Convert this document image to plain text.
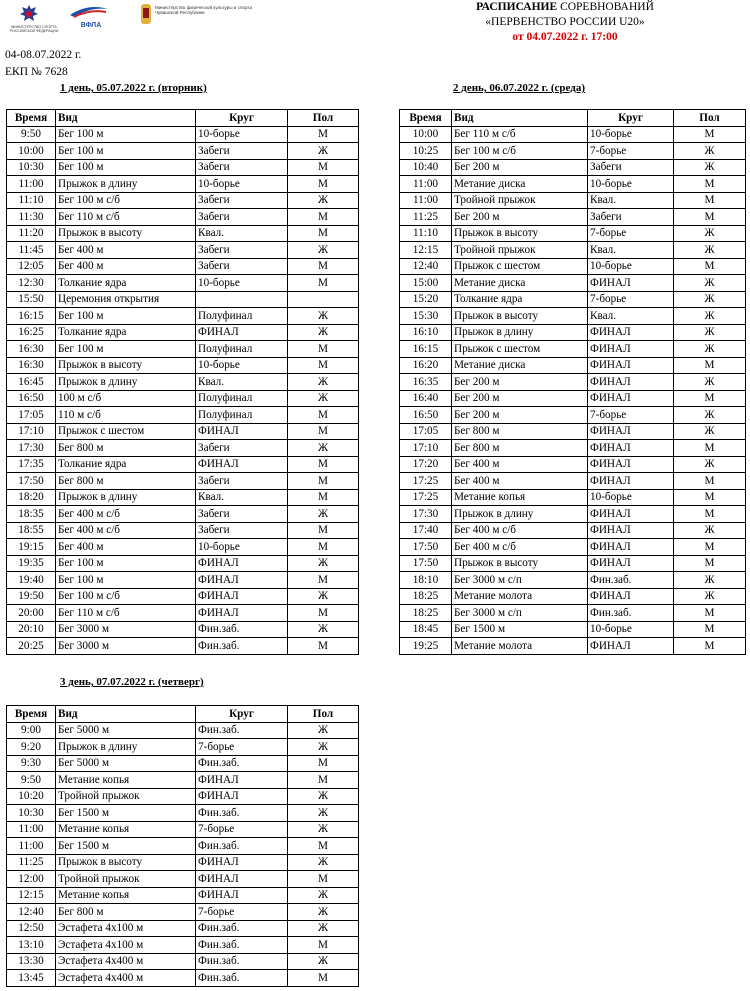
МИНИСТЕРСТВО СПОРТА РОССИЙСКОЙ ФЕДЕРАЦИИ
ВФЛА
Министерство физической культуры и спорта Чувашской Республики	РАСПИСАНИЕ СОРЕВНОВАНИЙ
«ПЕРВЕНСТВО РОССИИ U20»
от 04.07.2022 г. 17:00
04-08.07.2022 г.
ЕКП № 7628
1 день, 05.07.2022 г. (вторник)	2 день, 06.07.2022 г. (среда)
3 день, 07.07.2022 г. (четверг)
Время	Вид	Круг	Пол
9:50	Бег 100 м	10-борье	М
10:00	Бег 100 м	Забеги	Ж
10:30	Бег 100 м	Забеги	М
11:00	Прыжок в длину	10-борье	М
11:10	Бег 100 м с/б	Забеги	Ж
11:30	Бег 110 м с/б	Забеги	М
11:20	Прыжок в высоту	Квал.	М
11:45	Бег 400 м	Забеги	Ж
12:05	Бег 400 м	Забеги	М
12:30	Толкание ядра	10-борье	М
15:50	Церемония открытия		
16:15	Бег 100 м	Полуфинал	Ж
16:25	Толкание ядра	ФИНАЛ	Ж
16:30	Бег 100 м	Полуфинал	М
16:30	Прыжок в высоту	10-борье	М
16:45	Прыжок в длину	Квал.	Ж
16:50	100 м с/б	Полуфинал	Ж
17:05	110 м с/б	Полуфинал	М
17:10	Прыжок с шестом	ФИНАЛ	М
17:30	Бег 800 м	Забеги	Ж
17:35	Толкание ядра	ФИНАЛ	М
17:50	Бег 800 м	Забеги	М
18:20	Прыжок в длину	Квал.	М
18:35	Бег 400 м с/б	Забеги	Ж
18:55	Бег 400 м с/б	Забеги	М
19:15	Бег 400 м	10-борье	М
19:35	Бег 100 м	ФИНАЛ	Ж
19:40	Бег 100 м	ФИНАЛ	М
19:50	Бег 100 м с/б	ФИНАЛ	Ж
20:00	Бег 110 м с/б	ФИНАЛ	М
20:10	Бег 3000 м	Фин.заб.	Ж
20:25	Бег 3000 м	Фин.заб.	М
Время	Вид	Круг	Пол
10:00	Бег 110 м с/б	10-борье	М
10:25	Бег 100 м с/б	7-борье	Ж
10:40	Бег 200 м	Забеги	Ж
11:00	Метание диска	10-борье	М
11:00	Тройной прыжок	Квал.	М
11:25	Бег 200 м	Забеги	М
11:10	Прыжок в высоту	7-борье	Ж
12:15	Тройной прыжок	Квал.	Ж
12:40	Прыжок с шестом	10-борье	М
15:00	Метание диска	ФИНАЛ	Ж
15:20	Толкание ядра	7-борье	Ж
15:30	Прыжок в высоту	Квал.	Ж
16:10	Прыжок в длину	ФИНАЛ	Ж
16:15	Прыжок с шестом	ФИНАЛ	Ж
16:20	Метание диска	ФИНАЛ	М
16:35	Бег 200 м	ФИНАЛ	Ж
16:40	Бег 200 м	ФИНАЛ	М
16:50	Бег 200 м	7-борье	Ж
17:05	Бег 800 м	ФИНАЛ	Ж
17:10	Бег 800 м	ФИНАЛ	М
17:20	Бег 400 м	ФИНАЛ	Ж
17:25	Бег 400 м	ФИНАЛ	М
17:25	Метание копья	10-борье	М
17:30	Прыжок в длину	ФИНАЛ	М
17:40	Бег 400 м с/б	ФИНАЛ	Ж
17:50	Бег 400 м с/б	ФИНАЛ	М
17:50	Прыжок в высоту	ФИНАЛ	М
18:10	Бег 3000 м с/п	Фин.заб.	Ж
18:25	Метание молота	ФИНАЛ	Ж
18:25	Бег 3000 м с/п	Фин.заб.	М
18:45	Бег 1500 м	10-борье	М
19:25	Метание молота	ФИНАЛ	М
Время	Вид	Круг	Пол
9:00	Бег 5000 м	Фин.заб.	Ж
9:20	Прыжок в длину	7-борье	Ж
9:30	Бег 5000 м	Фин.заб.	М
9:50	Метание копья	ФИНАЛ	М
10:20	Тройной прыжок	ФИНАЛ	Ж
10:30	Бег 1500 м	Фин.заб.	Ж
11:00	Метание копья	7-борье	Ж
11:00	Бег 1500 м	Фин.заб.	М
11:25	Прыжок в высоту	ФИНАЛ	Ж
12:00	Тройной прыжок	ФИНАЛ	М
12:15	Метание копья	ФИНАЛ	Ж
12:40	Бег 800 м	7-борье	Ж
12:50	Эстафета 4х100 м	Фин.заб.	Ж
13:10	Эстафета 4х100 м	Фин.заб.	М
13:30	Эстафета 4х400 м	Фин.заб.	Ж
13:45	Эстафета 4х400 м	Фин.заб.	М
